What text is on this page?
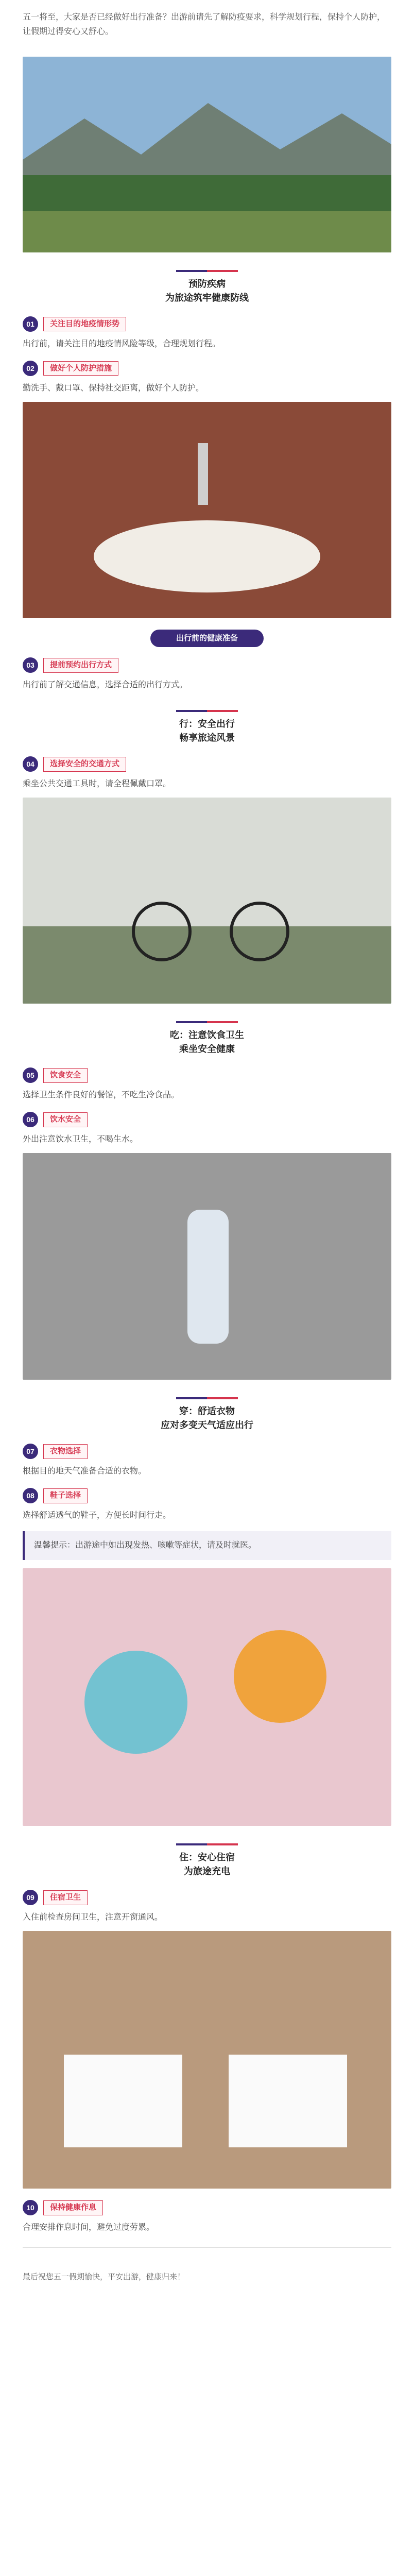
五一将至，大家是否已经做好出行准备？出游前请先了解防疫要求，科学规划行程，保持个人防护，让假期过得安心又舒心。
预防疾病
为旅途筑牢健康防线
01	关注目的地疫情形势
出行前，请关注目的地疫情风险等级，合理规划行程。
02	做好个人防护措施
勤洗手、戴口罩、保持社交距离，做好个人防护。
出行前的健康准备
03	提前预约出行方式
出行前了解交通信息，选择合适的出行方式。
行：安全出行
畅享旅途风景
04	选择安全的交通方式
乘坐公共交通工具时，请全程佩戴口罩。
吃：注意饮食卫生
乘坐安全健康
05	饮食安全
选择卫生条件良好的餐馆，不吃生冷食品。
06	饮水安全
外出注意饮水卫生，不喝生水。
穿：舒适衣物
应对多变天气适应出行
07	衣物选择
根据目的地天气准备合适的衣物。
08	鞋子选择
选择舒适透气的鞋子，方便长时间行走。
温馨提示：出游途中如出现发热、咳嗽等症状，请及时就医。
住：安心住宿
为旅途充电
09	住宿卫生
入住前检查房间卫生，注意开窗通风。
10	保持健康作息
合理安排作息时间，避免过度劳累。
最后祝您五一假期愉快，平安出游，健康归来！
